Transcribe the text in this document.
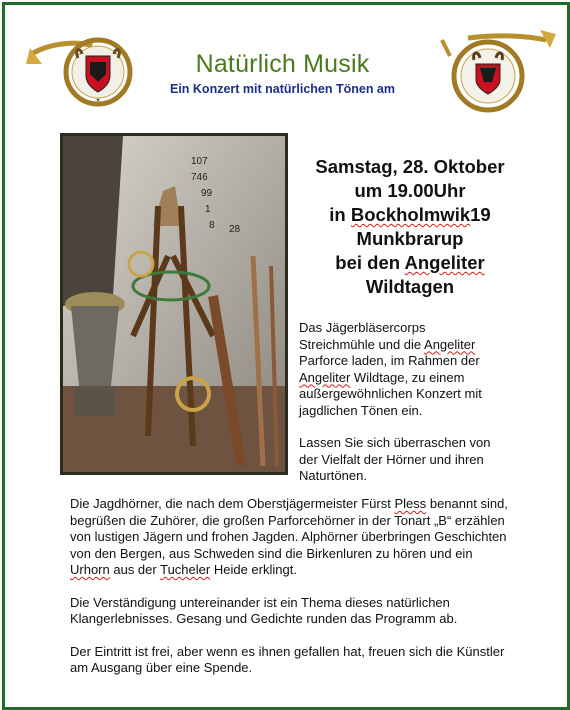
✶
Natürlich Musik
Ein Konzert mit natürlichen Tönen am
107
746
99
1
8 28
Samstag, 28. Oktober
um 19.00Uhr
in Bockholmwik19
Munkbrarup
bei den Angeliter
Wildtagen

Das Jägerbläsercorps Streichmühle und die Angeliter Parforce laden, im Rahmen der Angeliter Wildtage, zu einem außergewöhnlichen Konzert mit jagdlichen Tönen ein.

Lassen Sie sich überraschen von der Vielfalt der Hörner und ihren Naturtönen.

Die Jagdhörner, die nach dem Oberstjägermeister Fürst Pless benannt sind, begrüßen die Zuhörer, die großen Parforcehörner in der Tonart „B“ erzählen von lustigen Jägern und frohen Jagden. Alphörner überbringen Geschichten von den Bergen, aus Schweden sind die Birkenluren zu hören und ein Urhorn aus der Tucheler Heide erklingt.

Die Verständigung untereinander ist ein Thema dieses natürlichen Klangerlebnisses. Gesang und Gedichte runden das Programm ab.

Der Eintritt ist frei, aber wenn es ihnen gefallen hat, freuen sich die Künstler am Ausgang über eine Spende.
